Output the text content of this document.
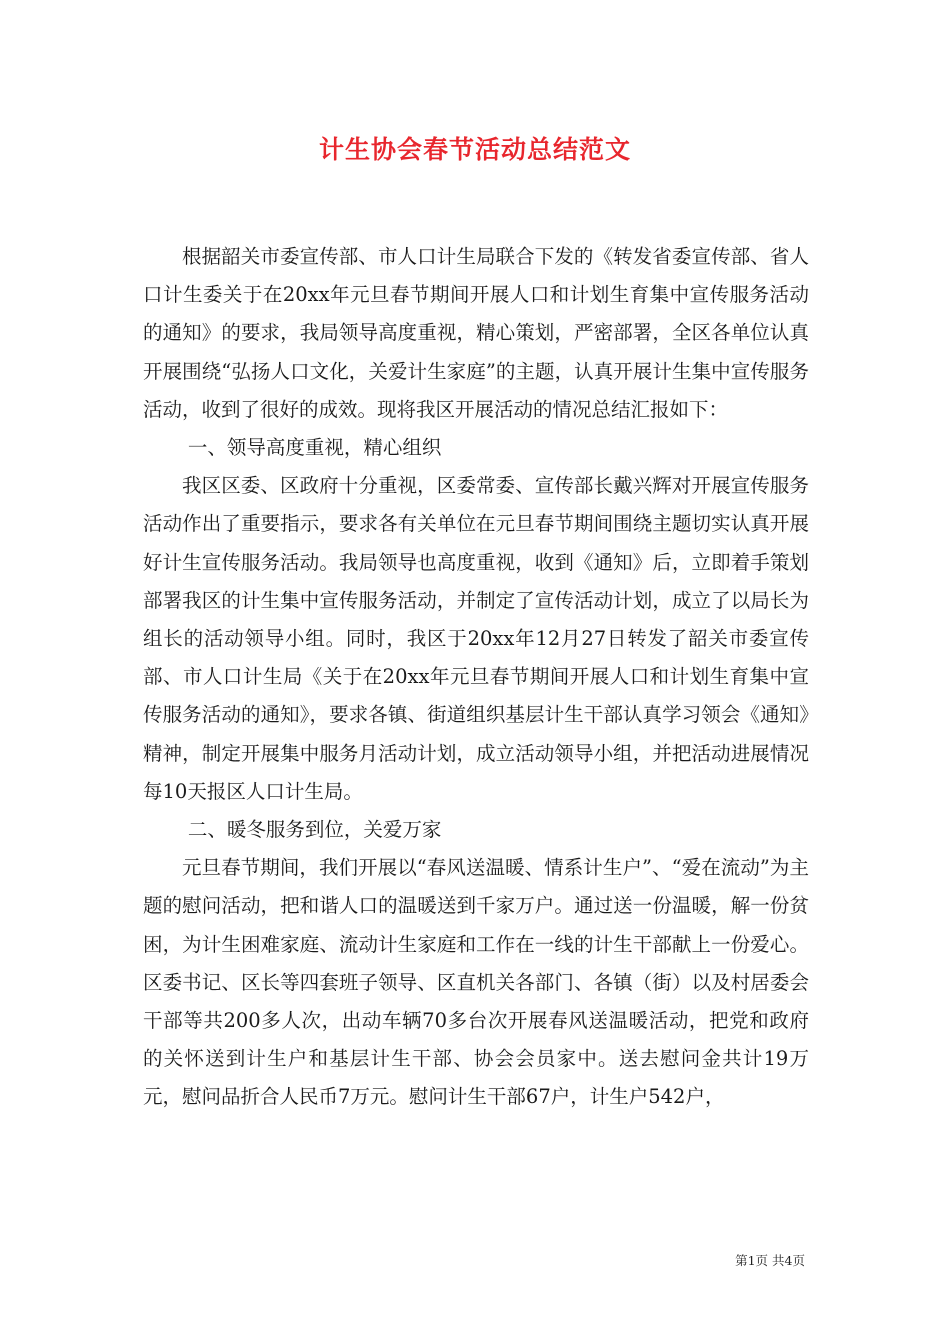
计生协会春节活动总结范文

根据韶关市委宣传部、市人口计生局联合下发的《转发省委宣传部、省人口计生委关于在20xx年元旦春节期间开展人口和计划生育集中宣传服务活动的通知》的要求，我局领导高度重视，精心策划，严密部署，全区各单位认真开展围绕“弘扬人口文化，关爱计生家庭”的主题，认真开展计生集中宣传服务活动，收到了很好的成效。现将我区开展活动的情况总结汇报如下：

一、领导高度重视，精心组织

我区区委、区政府十分重视，区委常委、宣传部长戴兴辉对开展宣传服务活动作出了重要指示，要求各有关单位在元旦春节期间围绕主题切实认真开展好计生宣传服务活动。我局领导也高度重视，收到《通知》后，立即着手策划部署我区的计生集中宣传服务活动，并制定了宣传活动计划，成立了以局长为组长的活动领导小组。同时，我区于20xx年12月27日转发了韶关市委宣传部、市人口计生局《关于在20xx年元旦春节期间开展人口和计划生育集中宣传服务活动的通知》，要求各镇、街道组织基层计生干部认真学习领会《通知》精神，制定开展集中服务月活动计划，成立活动领导小组，并把活动进展情况每10天报区人口计生局。

二、暖冬服务到位，关爱万家

元旦春节期间，我们开展以“春风送温暖、情系计生户”、“爱在流动”为主题的慰问活动，把和谐人口的温暖送到千家万户。通过送一份温暖，解一份贫困，为计生困难家庭、流动计生家庭和工作在一线的计生干部献上一份爱心。区委书记、区长等四套班子领导、区直机关各部门、各镇（街）以及村居委会干部等共200多人次，出动车辆70多台次开展春风送温暖活动，把党和政府的关怀送到计生户和基层计生干部、协会会员家中。送去慰问金共计19万元，慰问品折合人民币7万元。慰问计生干部67户，计生户542户，

第1页 共4页
